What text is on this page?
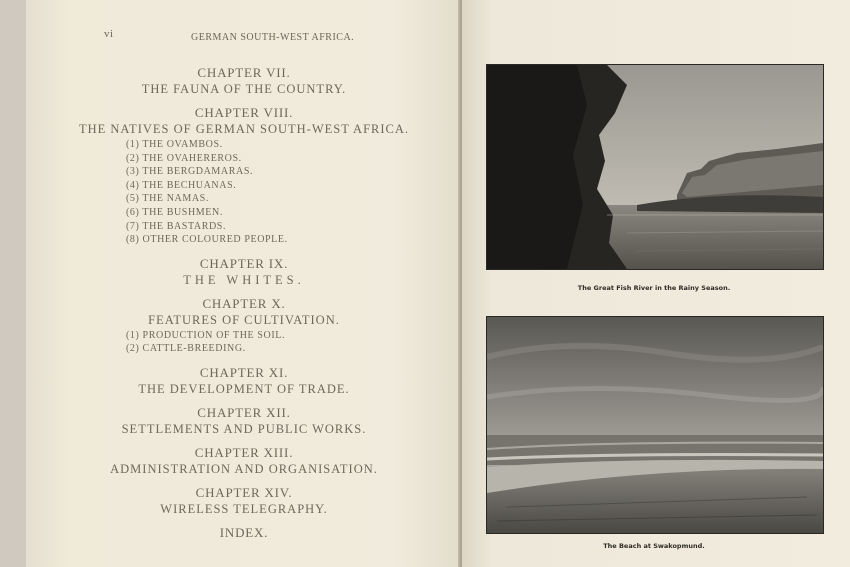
vi	GERMAN SOUTH-WEST AFRICA.
CHAPTER VII.
THE FAUNA OF THE COUNTRY.
CHAPTER VIII.
THE NATIVES OF GERMAN SOUTH-WEST AFRICA.
(1) THE OVAMBOS.
(2) THE OVAHEREROS.
(3) THE BERGDAMARAS.
(4) THE BECHUANAS.
(5) THE NAMAS.
(6) THE BUSHMEN.
(7) THE BASTARDS.
(8) OTHER COLOURED PEOPLE.
CHAPTER IX.
THE WHITES.
CHAPTER X.
FEATURES OF CULTIVATION.
(1) PRODUCTION OF THE SOIL.
(2) CATTLE-BREEDING.
CHAPTER XI.
THE DEVELOPMENT OF TRADE.
CHAPTER XII.
SETTLEMENTS AND PUBLIC WORKS.
CHAPTER XIII.
ADMINISTRATION AND ORGANISATION.
CHAPTER XIV.
WIRELESS TELEGRAPHY.
INDEX.
The Great Fish River in the Rainy Season.
The Beach at Swakopmund.
